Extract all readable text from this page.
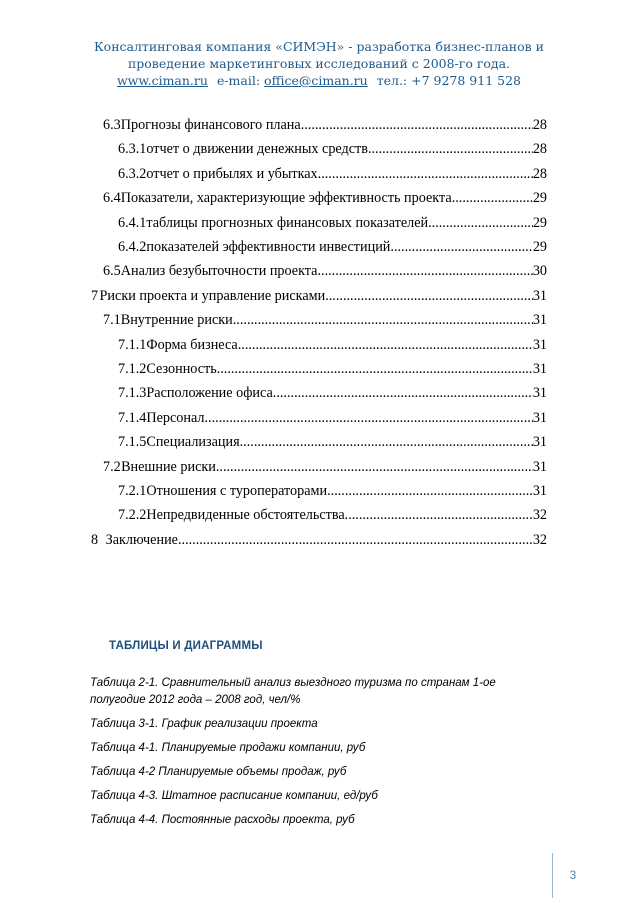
Консалтинговая компания «СИМЭН» - разработка бизнес-планов и
проведение маркетинговых исследований с 2008-го года.
www.ciman.ru e-mail: office@ciman.ru тел.: +7 9278 911 528
6.3 Прогнозы финансового плана .....	28
6.3.1 отчет о движении денежных средств .....	28
6.3.2 отчет о прибылях и убытках .....	28
6.4 Показатели, характеризующие эффективность проекта .....	29
6.4.1 таблицы прогнозных финансовых показателей .....	29
6.4.2 показателей эффективности инвестиций .....	29
6.5 Анализ безубыточности проекта .....	30
7 Риски проекта и управление рисками .....	31
7.1 Внутренние риски .....	31
7.1.1 Форма бизнеса .....	31
7.1.2 Сезонность .....	31
7.1.3 Расположение офиса .....	31
7.1.4 Персонал .....	31
7.1.5 Специализация .....	31
7.2 Внешние риски .....	31
7.2.1 Отношения с туроператорами .....	31
7.2.2 Непредвиденные обстоятельства .....	32
8 Заключение .....	32
ТАБЛИЦЫ И ДИАГРАММЫ
Таблица 2-1. Сравнительный анализ выездного туризма по странам 1-ое полугодие 2012 года – 2008 год, чел/%
Таблица 3-1. График реализации проекта
Таблица 4-1. Планируемые продажи компании, руб
Таблица 4-2 Планируемые объемы продаж, руб
Таблица 4-3. Штатное расписание компании, ед/руб
Таблица 4-4. Постоянные расходы проекта, руб
3
